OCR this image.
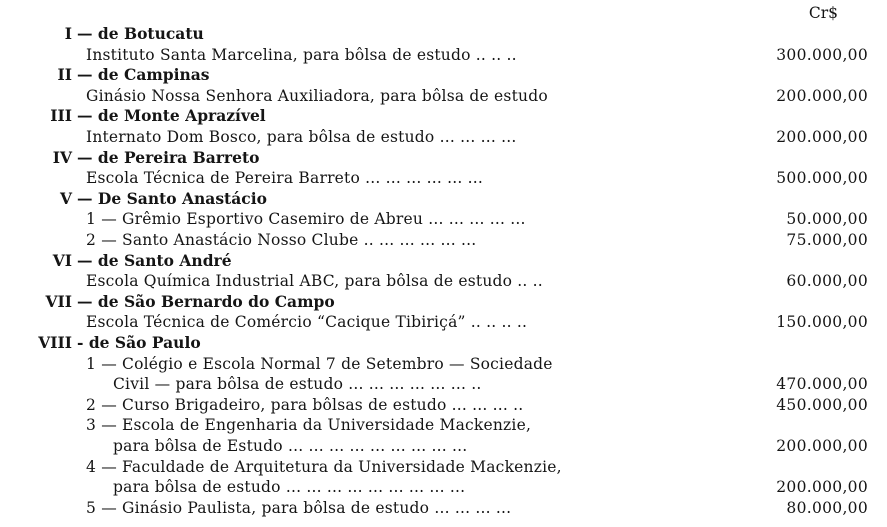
Cr$
I — de Botucatu
Instituto Santa Marcelina, para bôlsa de estudo .. .. ..	300.000,00
II — de Campinas
Ginásio Nossa Senhora Auxiliadora, para bôlsa de estudo	200.000,00
III — de Monte Aprazível
Internato Dom Bosco, para bôlsa de estudo ... ... ... ...	200.000,00
IV — de Pereira Barreto
Escola Técnica de Pereira Barreto ... ... ... ... ... ...	500.000,00
V — De Santo Anastácio
1 — Grêmio Esportivo Casemiro de Abreu ... ... ... ... ...	50.000,00
2 — Santo Anastácio Nosso Clube .. ... ... ... ... ...	75.000,00
VI — de Santo André
Escola Química Industrial ABC, para bôlsa de estudo .. ..	60.000,00
VII — de São Bernardo do Campo
Escola Técnica de Comércio “Cacique Tibiriçá” .. .. .. ..	150.000,00
VIII - de São Paulo
1 — Colégio e Escola Normal 7 de Setembro — Sociedade
Civil — para bôlsa de estudo ... ... ... ... ... ... ..	470.000,00
2 — Curso Brigadeiro, para bôlsas de estudo ... ... ... ..	450.000,00
3 — Escola de Engenharia da Universidade Mackenzie,
para bôlsa de Estudo ... ... ... ... ... ... ... ... ...	200.000,00
4 — Faculdade de Arquitetura da Universidade Mackenzie,
para bôlsa de estudo ... ... ... ... ... ... ... ... ...	200.000,00
5 — Ginásio Paulista, para bôlsa de estudo ... ... ... ...	80.000,00
